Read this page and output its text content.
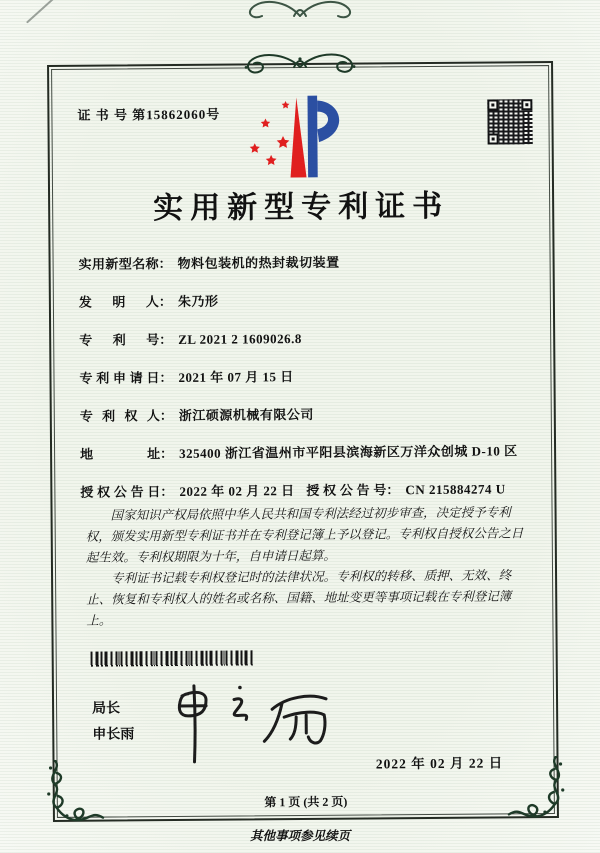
证 书 号 第15862060号
实用新型专利证书
实用新型名称 ： 物料包装机的热封裁切装置
发明人 ： 朱乃形
专利号 ： ZL 2021 2 1609026.8
专利申请日 ： 2021 年 07 月 15 日
专利权人 ： 浙江硕源机械有限公司
地址 ： 325400 浙江省温州市平阳县滨海新区万洋众创城 D-10 区
授权公告日 ： 2022 年 02 月 22 日 授权公告号 ： CN 215884274 U

国家知识产权局依照中华人民共和国专利法经过初步审查，决定授予专利权，颁发实用新型专利证书并在专利登记簿上予以登记。专利权自授权公告之日起生效。专利权期限为十年，自申请日起算。

专利证书记载专利权登记时的法律状况。专利权的转移、质押、无效、终止、恢复和专利权人的姓名或名称、国籍、地址变更等事项记载在专利登记簿上。

局长
申长雨
2022 年 02 月 22 日
第 1 页 (共 2 页)
其他事项参见续页
